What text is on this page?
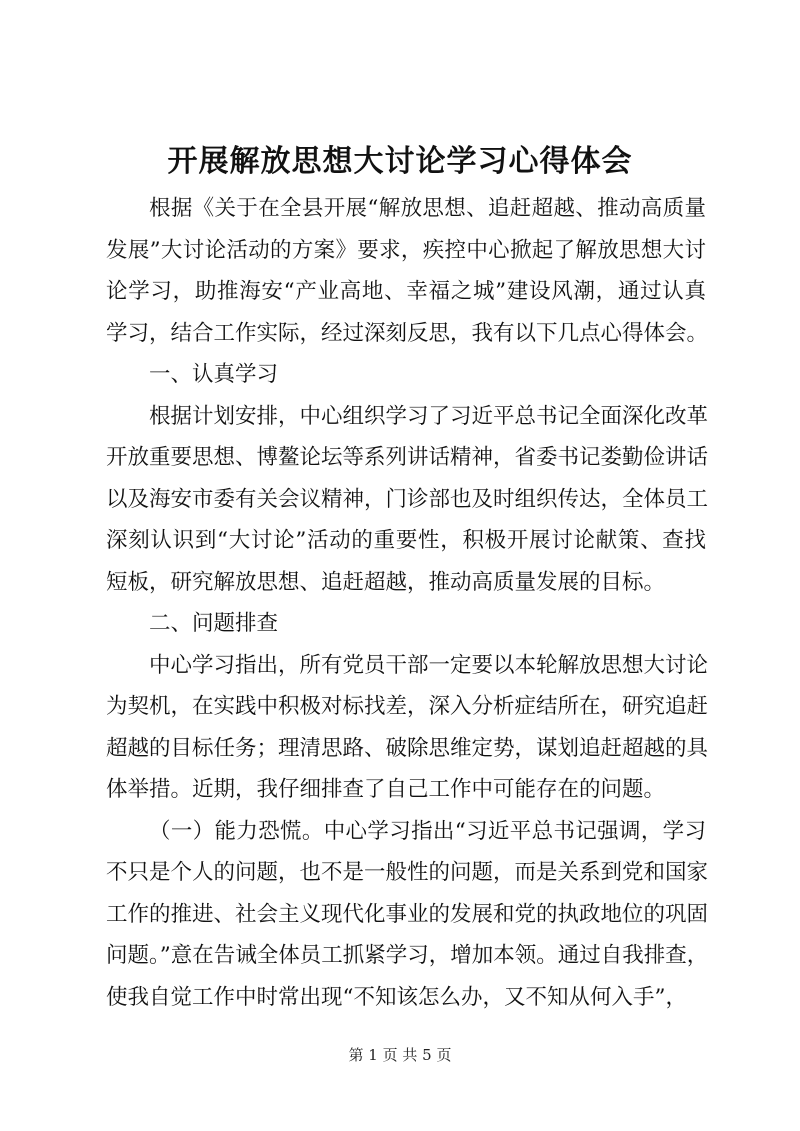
开展解放思想大讨论学习心得体会
根据《关于在全县开展“解放思想、追赶超越、推动高质量
发展”大讨论活动的方案》要求，疾控中心掀起了解放思想大讨
论学习，助推海安“产业高地、幸福之城”建设风潮，通过认真
学习，结合工作实际，经过深刻反思，我有以下几点心得体会。
一、认真学习
根据计划安排，中心组织学习了习近平总书记全面深化改革
开放重要思想、博鳌论坛等系列讲话精神，省委书记娄勤俭讲话
以及海安市委有关会议精神，门诊部也及时组织传达，全体员工
深刻认识到“大讨论”活动的重要性，积极开展讨论献策、查找
短板，研究解放思想、追赶超越，推动高质量发展的目标。
二、问题排查
中心学习指出，所有党员干部一定要以本轮解放思想大讨论
为契机，在实践中积极对标找差，深入分析症结所在，研究追赶
超越的目标任务；理清思路、破除思维定势，谋划追赶超越的具
体举措。近期，我仔细排查了自己工作中可能存在的问题。
（一）能力恐慌。中心学习指出“习近平总书记强调，学习
不只是个人的问题，也不是一般性的问题，而是关系到党和国家
工作的推进、社会主义现代化事业的发展和党的执政地位的巩固
问题。”意在告诫全体员工抓紧学习，增加本领。通过自我排查，
使我自觉工作中时常出现“不知该怎么办，又不知从何入手”，
第 1 页 共 5 页
